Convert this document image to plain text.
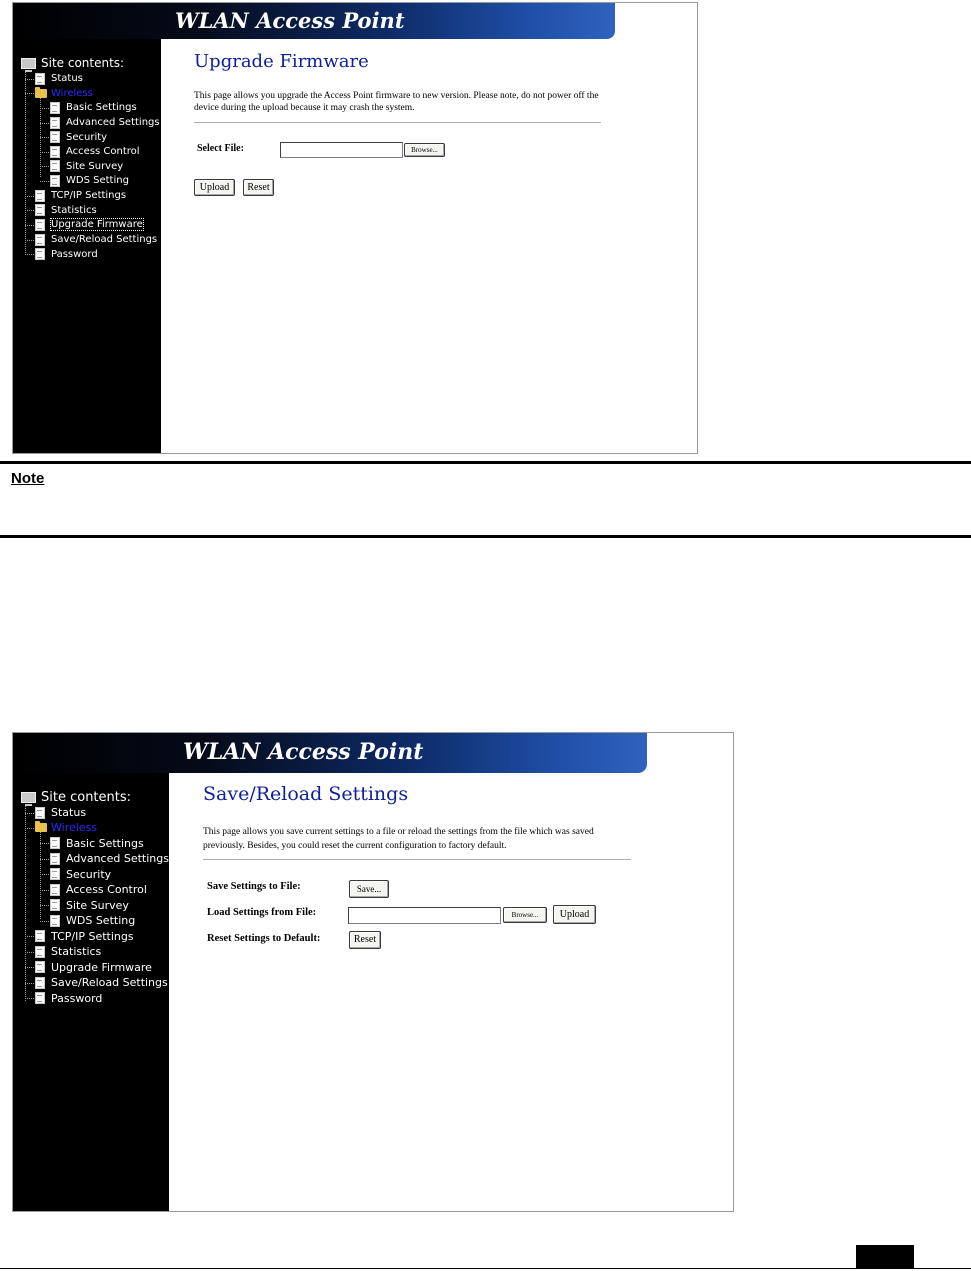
WLAN Access Point
Site contents:
Status
Wireless
Basic Settings
Advanced Settings
Security
Access Control
Site Survey
WDS Setting
TCP/IP Settings
Statistics
Upgrade Firmware
Save/Reload Settings
Password
Upgrade Firmware
This page allows you upgrade the Access Point firmware to new version. Please note, do not power off the device during the upload because it may crash the system.
Select File:	Browse...
Upload	Reset
Note
WLAN Access Point
Site contents:
Status
Wireless
Basic Settings
Advanced Settings
Security
Access Control
Site Survey
WDS Setting
TCP/IP Settings
Statistics
Upgrade Firmware
Save/Reload Settings
Password
Save/Reload Settings
This page allows you save current settings to a file or reload the settings from the file which was saved previously. Besides, you could reset the current configuration to factory default.
Save Settings to File:	Save...
Load Settings from File:	Browse...	Upload
Reset Settings to Default:	Reset
